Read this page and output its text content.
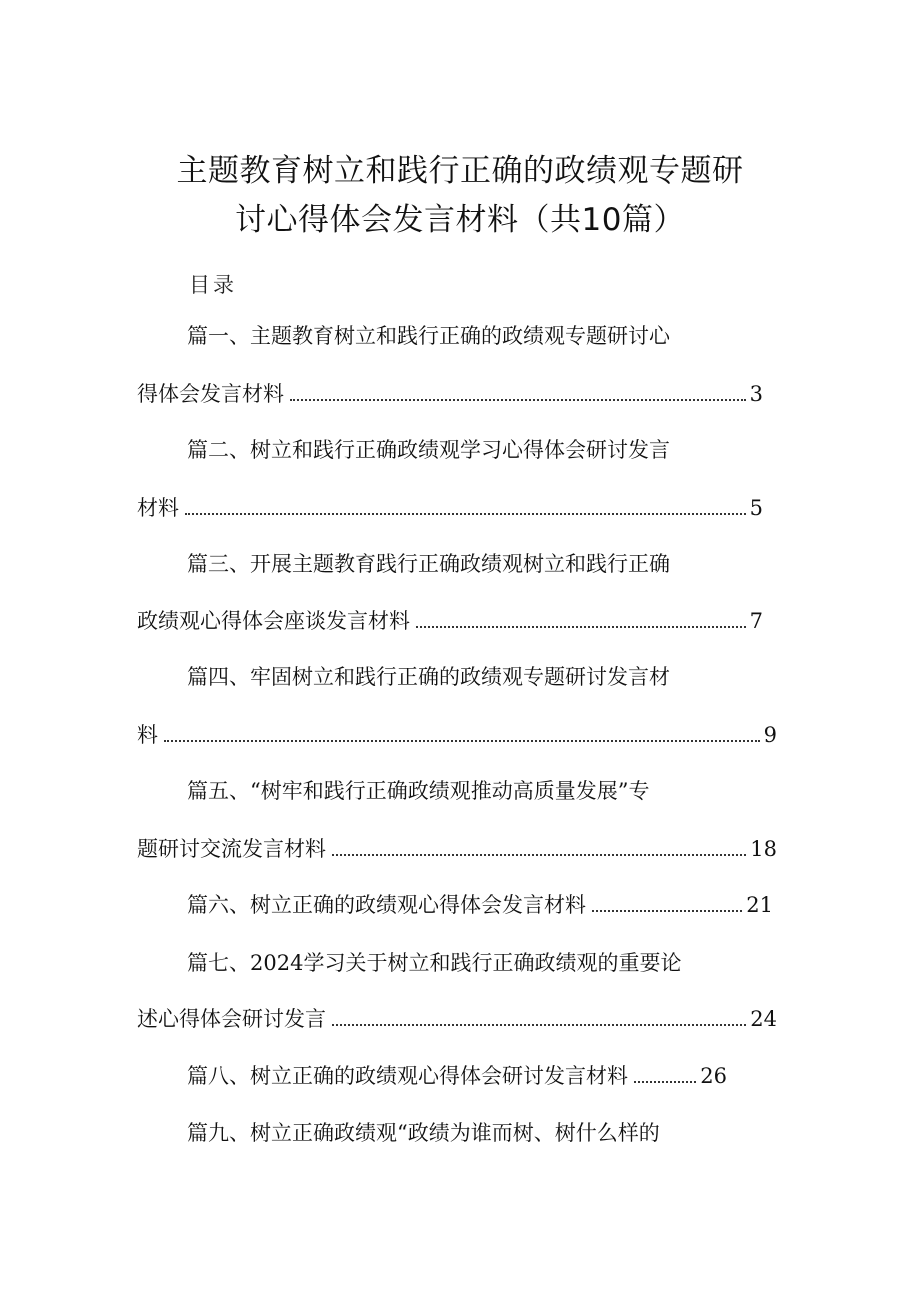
主题教育树立和践行正确的政绩观专题研
讨心得体会发言材料（共10篇）
目录
篇一、主题教育树立和践行正确的政绩观专题研讨心
得体会发言材料	3
篇二、树立和践行正确政绩观学习心得体会研讨发言
材料	5
篇三、开展主题教育践行正确政绩观树立和践行正确
政绩观心得体会座谈发言材料	7
篇四、牢固树立和践行正确的政绩观专题研讨发言材
料	9
篇五、“树牢和践行正确政绩观推动高质量发展”专
题研讨交流发言材料	18
篇六、树立正确的政绩观心得体会发言材料	21
篇七、2024学习关于树立和践行正确政绩观的重要论
述心得体会研讨发言	24
篇八、树立正确的政绩观心得体会研讨发言材料	26
篇九、树立正确政绩观“政绩为谁而树、树什么样的
